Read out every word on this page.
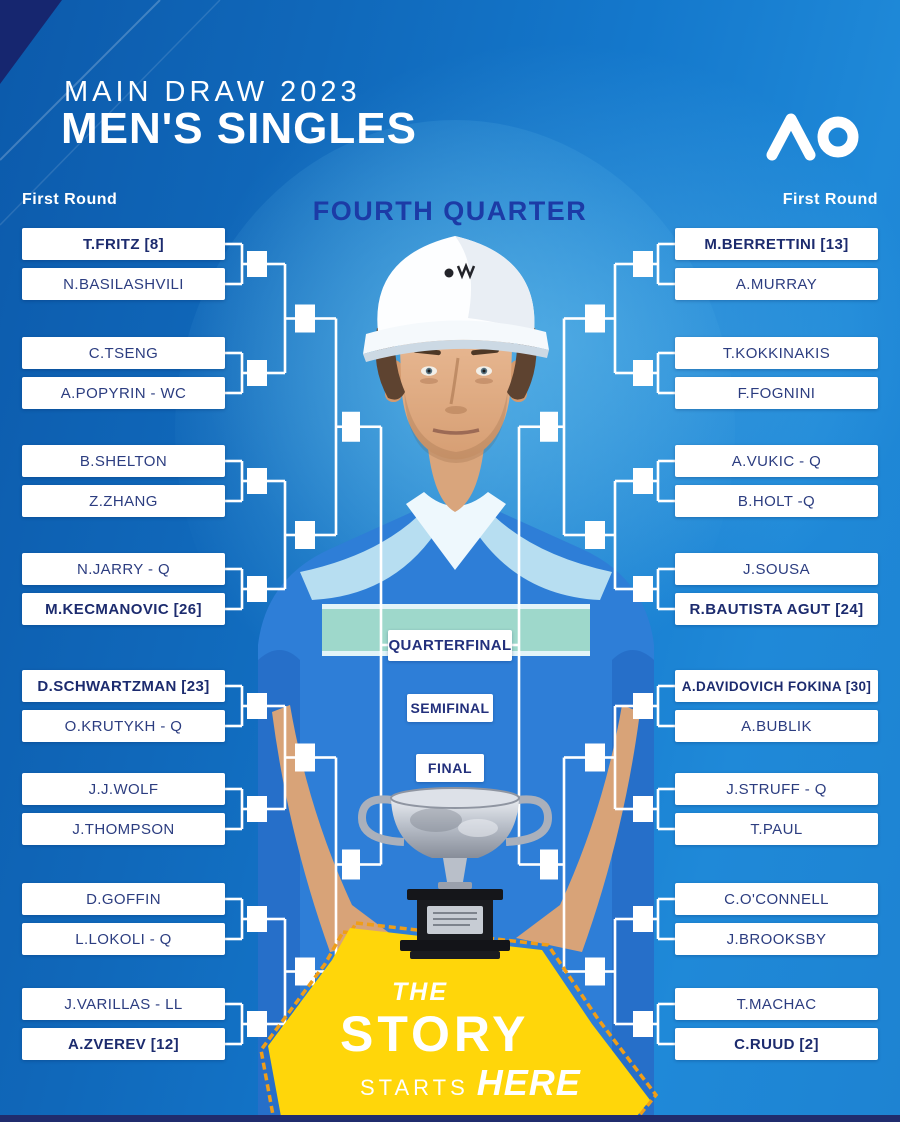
MAIN DRAW 2023
MEN'S SINGLES
First Round	First Round
FOURTH QUARTER
T.FRITZ [8]
N.BASILASHVILI
C.TSENG
A.POPYRIN - WC
B.SHELTON
Z.ZHANG
N.JARRY - Q
M.KECMANOVIC [26]
D.SCHWARTZMAN [23]
O.KRUTYKH - Q
J.J.WOLF
J.THOMPSON
D.GOFFIN
L.LOKOLI - Q
J.VARILLAS - LL
A.ZVEREV [12]
M.BERRETTINI [13]
A.MURRAY
T.KOKKINAKIS
F.FOGNINI
A.VUKIC - Q
B.HOLT -Q
J.SOUSA
R.BAUTISTA AGUT [24]
A.DAVIDOVICH FOKINA [30]
A.BUBLIK
J.STRUFF - Q
T.PAUL
C.O'CONNELL
J.BROOKSBY
T.MACHAC
C.RUUD [2]
QUARTERFINAL
SEMIFINAL
FINAL
THE
STORY
STARTS HERE
